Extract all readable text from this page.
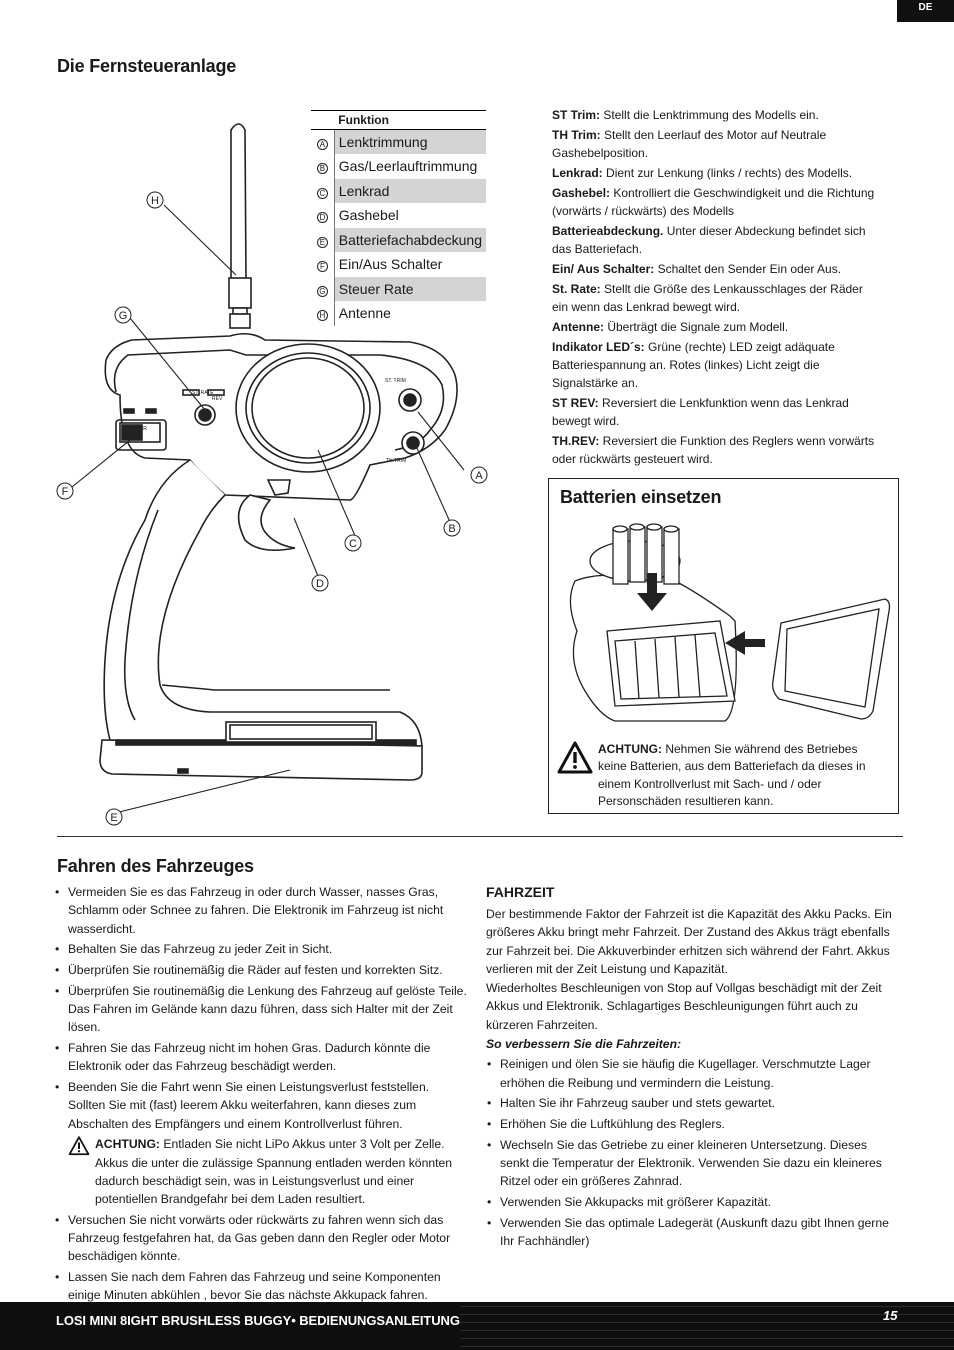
DE
Die Fernsteueranlage
POWER
ST. RATE
REV
ST. TRIM
TH.TRIM
H
G
F
A
B
C
D
E
	Funktion
A	Lenktrimmung
B	Gas/Leerlauftrimmung
C	Lenkrad
D	Gashebel
E	Batteriefachabdeckung
F	Ein/Aus Schalter
G	Steuer Rate
H	Antenne

ST Trim: Stellt die Lenktrimmung des Modells ein.

TH Trim: Stellt den Leerlauf des Motor auf Neutrale Gashebelposition.

Lenkrad: Dient zur Lenkung (links / rechts) des Modells.

Gashebel: Kontrolliert die Geschwindigkeit und die Richtung (vorwärts / rückwärts) des Modells

Batterieabdeckung. Unter dieser Abdeckung befindet sich das Batteriefach.

Ein/ Aus Schalter: Schaltet den Sender Ein oder Aus.

St. Rate: Stellt die Größe des Lenkausschlages der Räder ein wenn das Lenkrad bewegt wird.

Antenne: Überträgt die Signale zum Modell.

Indikator LED´s: Grüne (rechte) LED zeigt adäquate Batteriespannung an. Rotes (linkes) Licht zeigt die Signalstärke an.

ST REV: Reversiert die Lenkfunktion wenn das Lenkrad bewegt wird.

TH.REV: Reversiert die Funktion des Reglers wenn vorwärts oder rückwärts gesteuert wird.

Batterien einsetzen

ACHTUNG: Nehmen Sie während des Betriebes keine Batterien, aus dem Batteriefach da dieses in einem Kontrollverlust mit Sach- und / oder Personschäden resultieren kann.

Fahren des Fahrzeuges
• Vermeiden Sie es das Fahrzeug in oder durch Wasser, nasses Gras, Schlamm oder Schnee zu fahren. Die Elektronik im Fahrzeug ist nicht wasserdicht.
• Behalten Sie das Fahrzeug zu jeder Zeit in Sicht.
• Überprüfen Sie routinemäßig die Räder auf festen und korrekten Sitz.
• Überprüfen Sie routinemäßig die Lenkung des Fahrzeug auf gelöste Teile. Das Fahren im Gelände kann dazu führen, dass sich Halter mit der Zeit lösen.
• Fahren Sie das Fahrzeug nicht im hohen Gras. Dadurch könnte die Elektronik oder das Fahrzeug beschädigt werden.
• Beenden Sie die Fahrt wenn Sie einen Leistungsverlust feststellen. Sollten Sie mit (fast) leerem Akku weiterfahren, kann dieses zum Abschalten des Empfängers und einem Kontrollverlust führen.
ACHTUNG: Entladen Sie nicht LiPo Akkus unter 3 Volt per Zelle. Akkus die unter die zulässige Spannung entladen werden könnten dadurch beschädigt sein, was in Leistungsverlust und einer potentiellen Brandgefahr bei dem Laden resultiert.
• Versuchen Sie nicht vorwärts oder rückwärts zu fahren wenn sich das Fahrzeug festgefahren hat, da Gas geben dann den Regler oder Motor beschädigen könnte.
• Lassen Sie nach dem Fahren das Fahrzeug und seine Komponenten einige Minuten abkühlen , bevor Sie das nächste Akkupack fahren.
FAHRZEIT

Der bestimmende Faktor der Fahrzeit ist die Kapazität des Akku Packs. Ein größeres Akku bringt mehr Fahrzeit. Der Zustand des Akkus trägt ebenfalls zur Fahrzeit bei. Die Akkuverbinder erhitzen sich während der Fahrt. Akkus verlieren mit der Zeit Leistung und Kapazität.

Wiederholtes Beschleunigen von Stop auf Vollgas beschädigt mit der Zeit Akkus und Elektronik. Schlagartiges Beschleunigungen führt auch zu kürzeren Fahrzeiten.

So verbessern Sie die Fahrzeiten:

• Reinigen und ölen Sie sie häufig die Kugellager. Verschmutzte Lager erhöhen die Reibung und vermindern die Leistung.
• Halten Sie ihr Fahrzeug sauber und stets gewartet.
• Erhöhen Sie die Luftkühlung des Reglers.
• Wechseln Sie das Getriebe zu einer kleineren Untersetzung. Dieses senkt die Temperatur der Elektronik. Verwenden Sie dazu ein kleineres Ritzel oder ein größeres Zahnrad.
• Verwenden Sie Akkupacks mit größerer Kapazität.
• Verwenden Sie das optimale Ladegerät (Auskunft dazu gibt Ihnen gerne Ihr Fachhändler)
LOSI MINI 8IGHT BRUSHLESS BUGGY• BEDIENUNGSANLEITUNG	15
